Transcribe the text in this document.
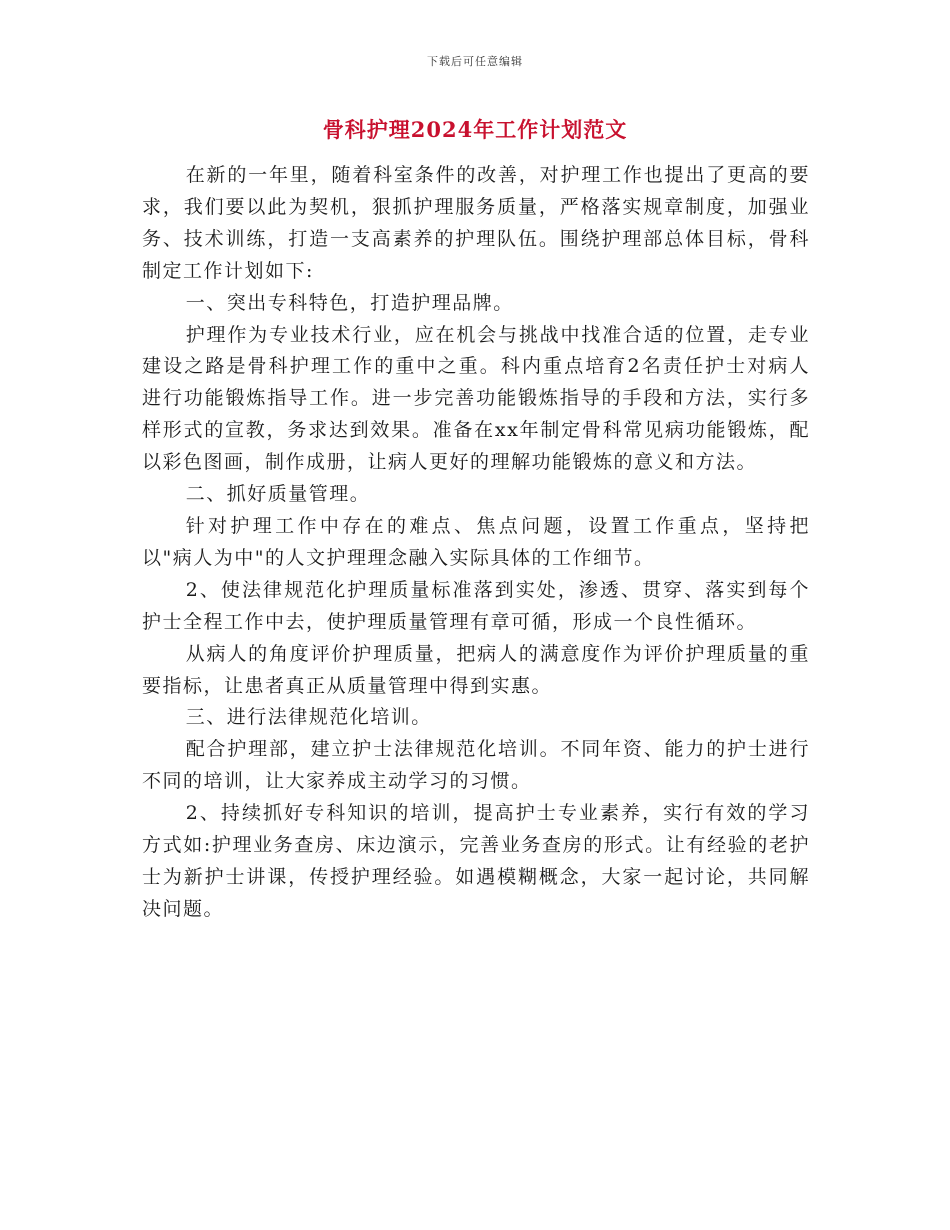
下载后可任意编辑
骨科护理2024年工作计划范文

在新的一年里，随着科室条件的改善，对护理工作也提出了更高的要求，我们要以此为契机，狠抓护理服务质量，严格落实规章制度，加强业务、技术训练，打造一支高素养的护理队伍。围绕护理部总体目标，骨科制定工作计划如下:

一、突出专科特色，打造护理品牌。

护理作为专业技术行业，应在机会与挑战中找准合适的位置，走专业建设之路是骨科护理工作的重中之重。科内重点培育2名责任护士对病人进行功能锻炼指导工作。进一步完善功能锻炼指导的手段和方法，实行多样形式的宣教，务求达到效果。准备在xx年制定骨科常见病功能锻炼，配以彩色图画，制作成册，让病人更好的理解功能锻炼的意义和方法。

二、抓好质量管理。

针对护理工作中存在的难点、焦点问题，设置工作重点，坚持把以"病人为中"的人文护理理念融入实际具体的工作细节。

2、使法律规范化护理质量标准落到实处，渗透、贯穿、落实到每个护士全程工作中去，使护理质量管理有章可循，形成一个良性循环。

从病人的角度评价护理质量，把病人的满意度作为评价护理质量的重要指标，让患者真正从质量管理中得到实惠。

三、进行法律规范化培训。

配合护理部，建立护士法律规范化培训。不同年资、能力的护士进行不同的培训，让大家养成主动学习的习惯。

2、持续抓好专科知识的培训，提高护士专业素养，实行有效的学习方式如:护理业务查房、床边演示，完善业务查房的形式。让有经验的老护士为新护士讲课，传授护理经验。如遇模糊概念，大家一起讨论，共同解决问题。
